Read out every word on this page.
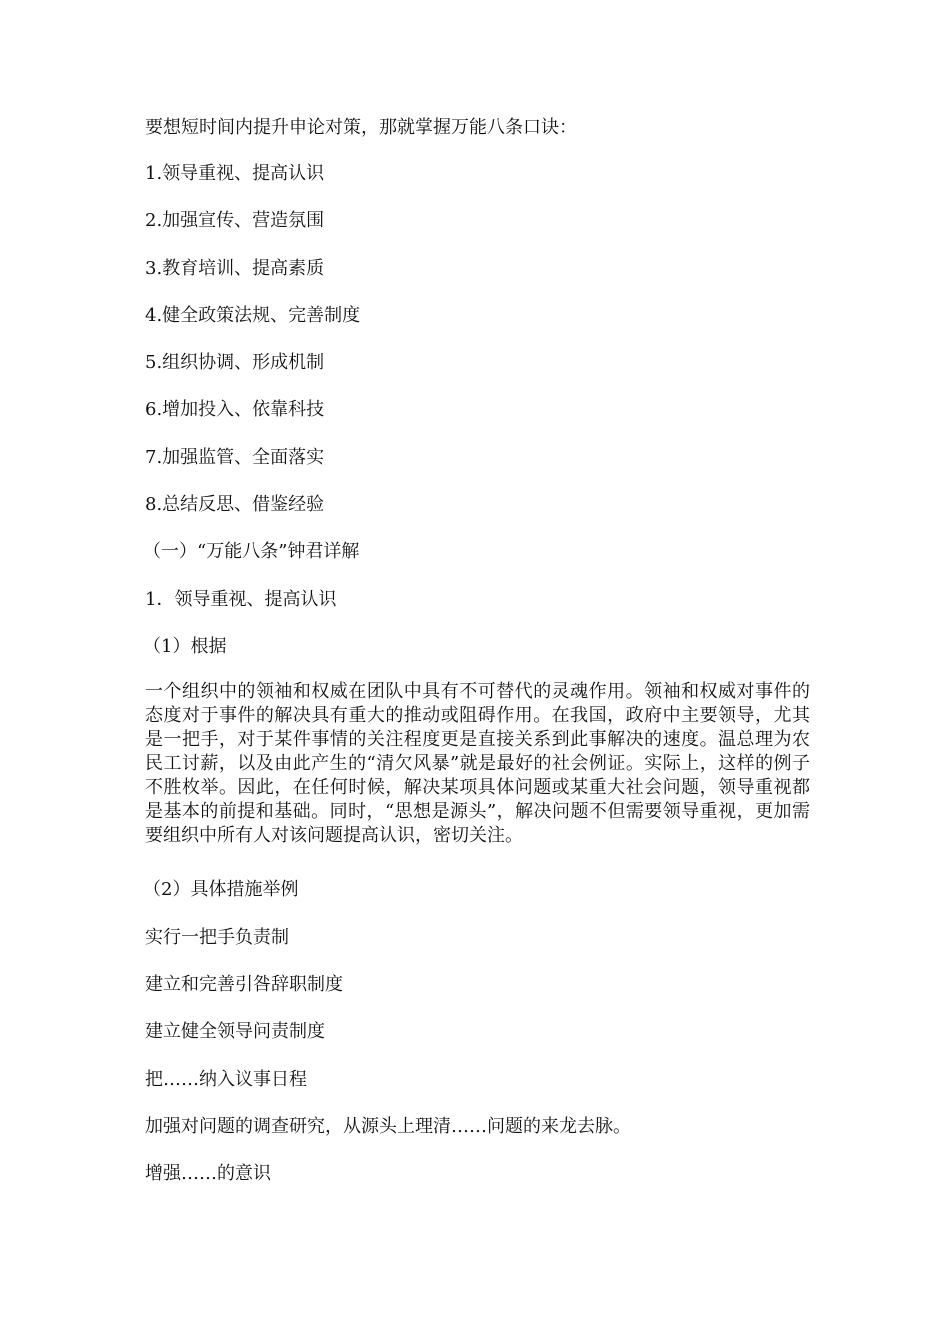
要想短时间内提升申论对策，那就掌握万能八条口诀：
1.领导重视、提高认识
2.加强宣传、营造氛围
3.教育培训、提高素质
4.健全政策法规、完善制度
5.组织协调、形成机制
6.增加投入、依靠科技
7.加强监管、全面落实
8.总结反思、借鉴经验
（一）“万能八条”钟君详解
1．领导重视、提高认识
（1）根据
一个组织中的领袖和权威在团队中具有不可替代的灵魂作用。领袖和权威对事件的态度对于事件的解决具有重大的推动或阻碍作用。在我国，政府中主要领导，尤其是一把手，对于某件事情的关注程度更是直接关系到此事解决的速度。温总理为农民工讨薪，以及由此产生的“清欠风暴”就是最好的社会例证。实际上，这样的例子不胜枚举。因此，在任何时候，解决某项具体问题或某重大社会问题，领导重视都是基本的前提和基础。同时，“思想是源头”，解决问题不但需要领导重视，更加需要组织中所有人对该问题提高认识，密切关注。
（2）具体措施举例
实行一把手负责制
建立和完善引咎辞职制度
建立健全领导问责制度
把……纳入议事日程
加强对问题的调查研究，从源头上理清……问题的来龙去脉。
增强……的意识
